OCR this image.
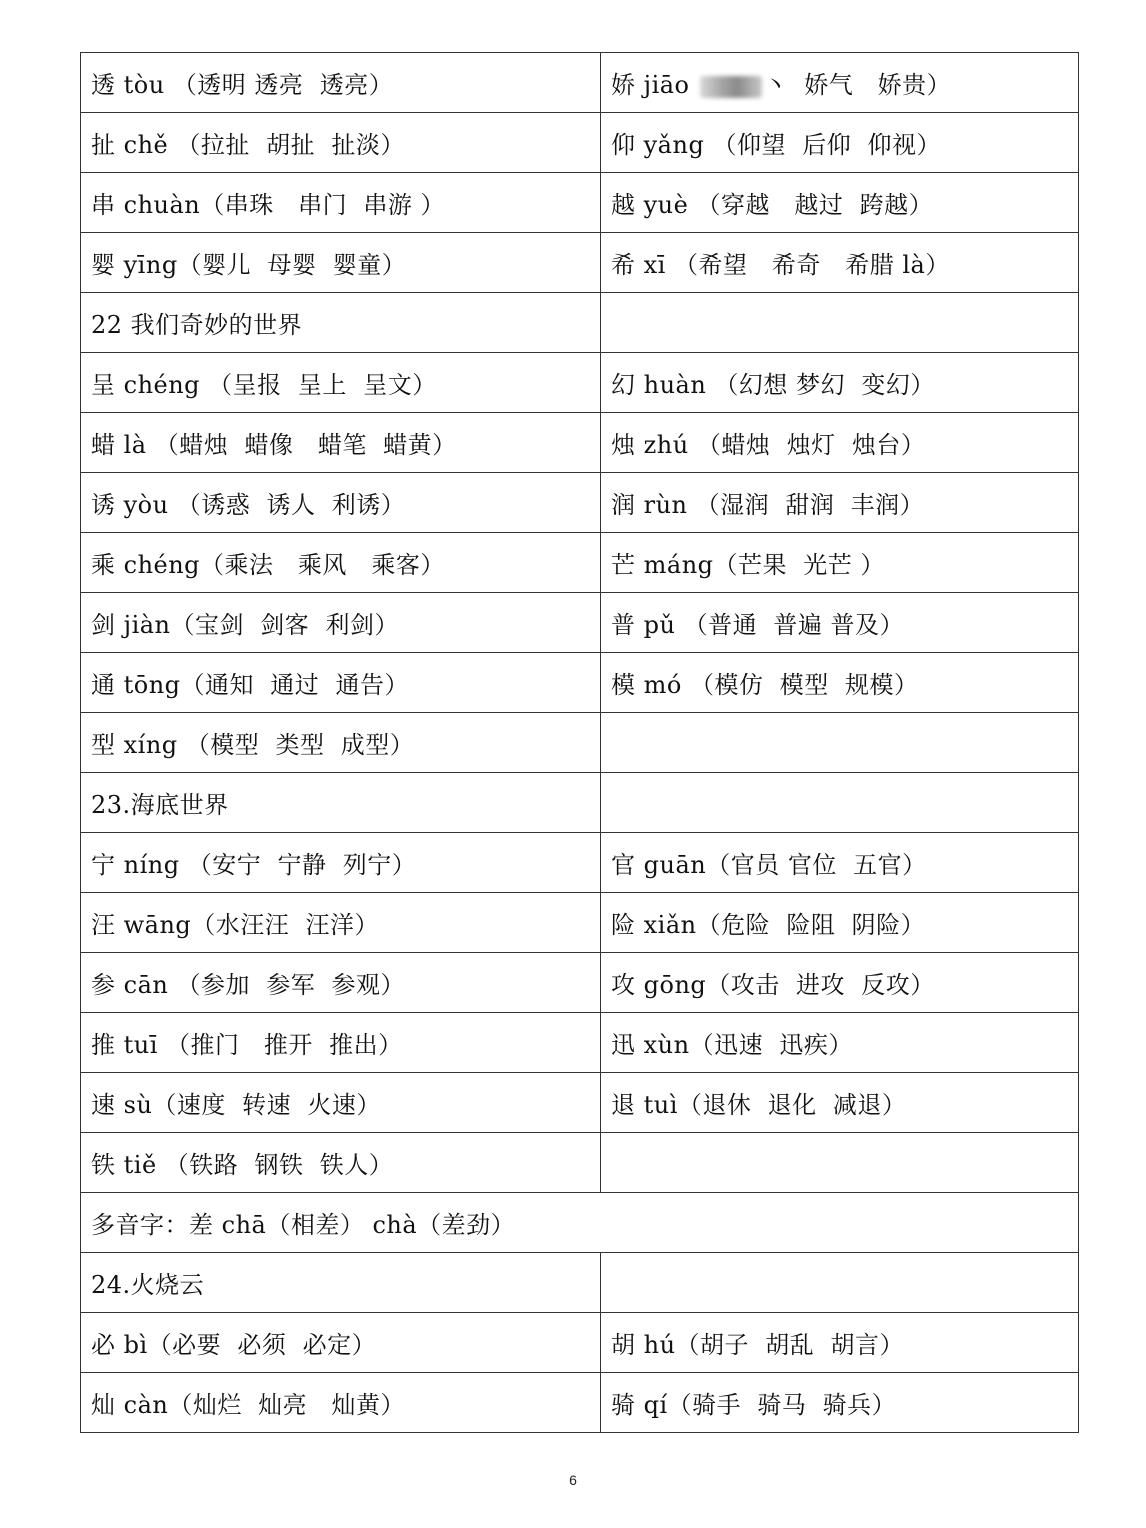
透 tòu （透明 透亮  透亮）	娇 jiāo 丶  娇气   娇贵）
扯 chě （拉扯  胡扯  扯淡）	仰 yǎng （仰望  后仰  仰视）
串 chuàn（串珠   串门  串游 ）	越 yuè （穿越   越过  跨越）
婴 yīng（婴儿  母婴  婴童）	希 xī （希望   希奇   希腊 là）
22 我们奇妙的世界	
呈 chéng （呈报  呈上  呈文）	幻 huàn （幻想 梦幻  变幻）
蜡 là （蜡烛  蜡像   蜡笔  蜡黄）	烛 zhú （蜡烛  烛灯  烛台）
诱 yòu （诱惑  诱人  利诱）	润 rùn （湿润  甜润  丰润）
乘 chéng（乘法   乘风   乘客）	芒 máng（芒果  光芒 ）
剑 jiàn（宝剑  剑客  利剑）	普 pǔ （普通  普遍 普及）
通 tōng（通知  通过  通告）	模 mó （模仿  模型  规模）
型 xíng （模型  类型  成型）	
23.海底世界	
宁 níng （安宁  宁静  列宁）	官 guān（官员 官位  五官）
汪 wāng（水汪汪  汪洋）	险 xiǎn（危险  险阻  阴险）
参 cān （参加  参军  参观）	攻 gōng（攻击  进攻  反攻）
推 tuī （推门   推开  推出）	迅 xùn（迅速  迅疾）
速 sù（速度  转速  火速）	退 tuì（退休  退化  减退）
铁 tiě （铁路  钢铁  铁人）	
多音字：差 chā（相差） chà（差劲）	
24.火烧云	
必 bì（必要  必须  必定）	胡 hú（胡子  胡乱  胡言）
灿 càn（灿烂  灿亮   灿黄）	骑 qí（骑手  骑马  骑兵）
6
